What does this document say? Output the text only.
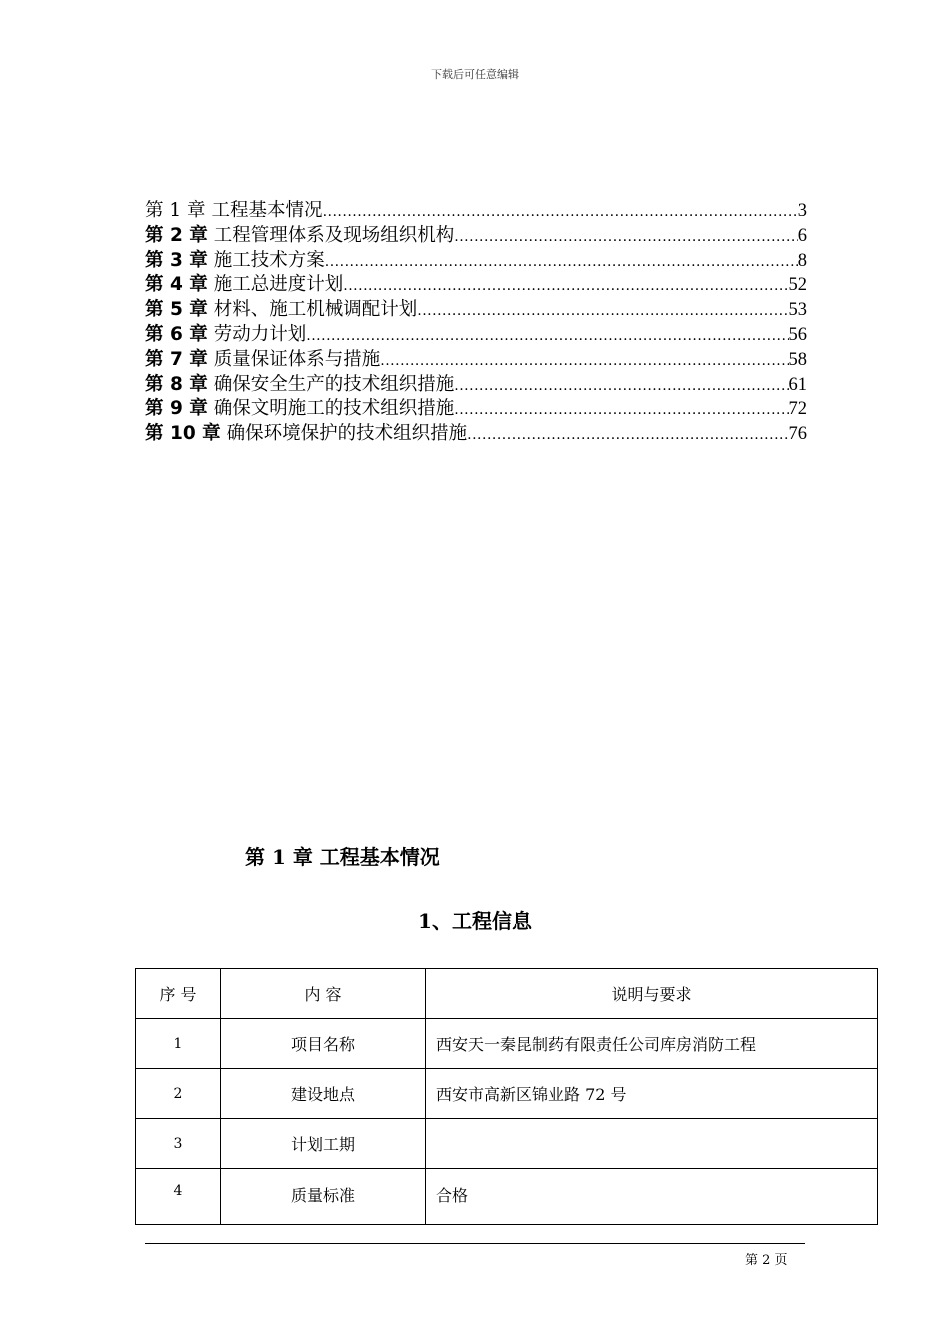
下载后可任意编辑
第 1 章 工程基本情况 .....	3
第 2 章 工程管理体系及现场组织机构 .....	6
第 3 章 施工技术方案 .....	8
第 4 章 施工总进度计划 .....	52
第 5 章 材料、施工机械调配计划 .....	53
第 6 章 劳动力计划 .....	56
第 7 章 质量保证体系与措施 .....	58
第 8 章 确保安全生产的技术组织措施 .....	61
第 9 章 确保文明施工的技术组织措施 .....	72
第 10 章 确保环境保护的技术组织措施 .....	76
第 1 章 工程基本情况
1、工程信息
序 号	内 容	说明与要求
1	项目名称	西安天一秦昆制药有限责任公司库房消防工程
2	建设地点	西安市高新区锦业路 72 号
3	计划工期	
4	质量标准	合格
第 2 页
